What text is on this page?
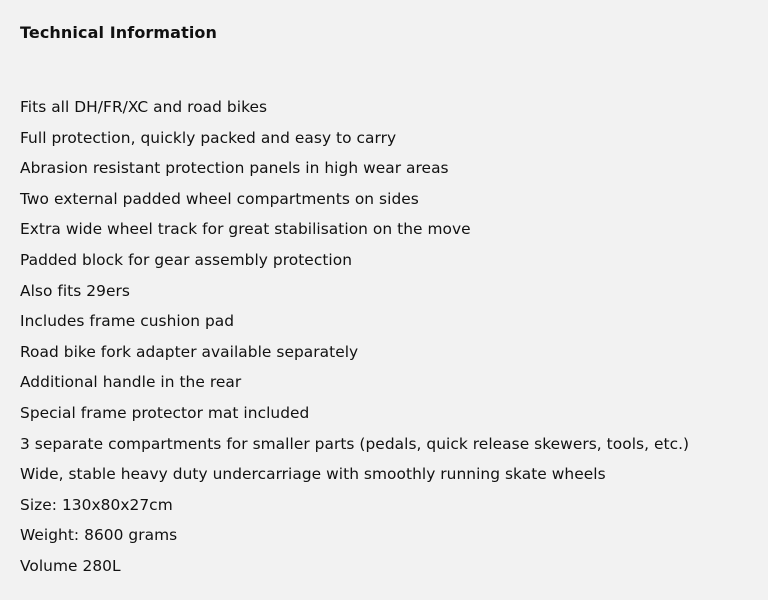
Technical Information
Fits all DH/FR/XC and road bikes
Full protection, quickly packed and easy to carry
Abrasion resistant protection panels in high wear areas
Two external padded wheel compartments on sides
Extra wide wheel track for great stabilisation on the move
Padded block for gear assembly protection
Also fits 29ers
Includes frame cushion pad
Road bike fork adapter available separately
Additional handle in the rear
Special frame protector mat included
3 separate compartments for smaller parts (pedals, quick release skewers, tools, etc.)
Wide, stable heavy duty undercarriage with smoothly running skate wheels
Size: 130x80x27cm
Weight: 8600 grams
Volume 280L
